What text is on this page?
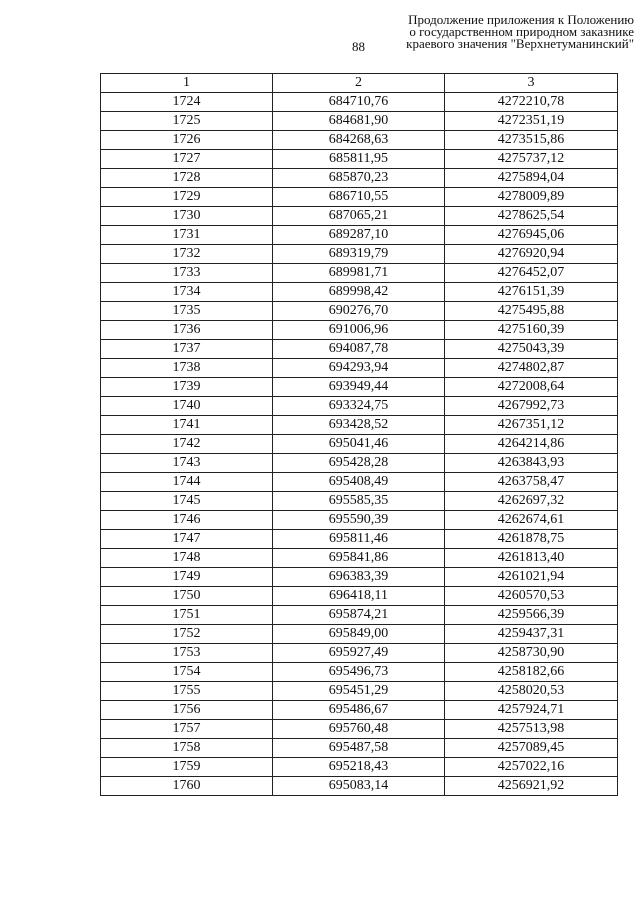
88
Продолжение приложения к Положению
о государственном природном заказнике
краевого значения "Верхнетуманинский"
1	2	3
1724	684710,76	4272210,78
1725	684681,90	4272351,19
1726	684268,63	4273515,86
1727	685811,95	4275737,12
1728	685870,23	4275894,04
1729	686710,55	4278009,89
1730	687065,21	4278625,54
1731	689287,10	4276945,06
1732	689319,79	4276920,94
1733	689981,71	4276452,07
1734	689998,42	4276151,39
1735	690276,70	4275495,88
1736	691006,96	4275160,39
1737	694087,78	4275043,39
1738	694293,94	4274802,87
1739	693949,44	4272008,64
1740	693324,75	4267992,73
1741	693428,52	4267351,12
1742	695041,46	4264214,86
1743	695428,28	4263843,93
1744	695408,49	4263758,47
1745	695585,35	4262697,32
1746	695590,39	4262674,61
1747	695811,46	4261878,75
1748	695841,86	4261813,40
1749	696383,39	4261021,94
1750	696418,11	4260570,53
1751	695874,21	4259566,39
1752	695849,00	4259437,31
1753	695927,49	4258730,90
1754	695496,73	4258182,66
1755	695451,29	4258020,53
1756	695486,67	4257924,71
1757	695760,48	4257513,98
1758	695487,58	4257089,45
1759	695218,43	4257022,16
1760	695083,14	4256921,92
